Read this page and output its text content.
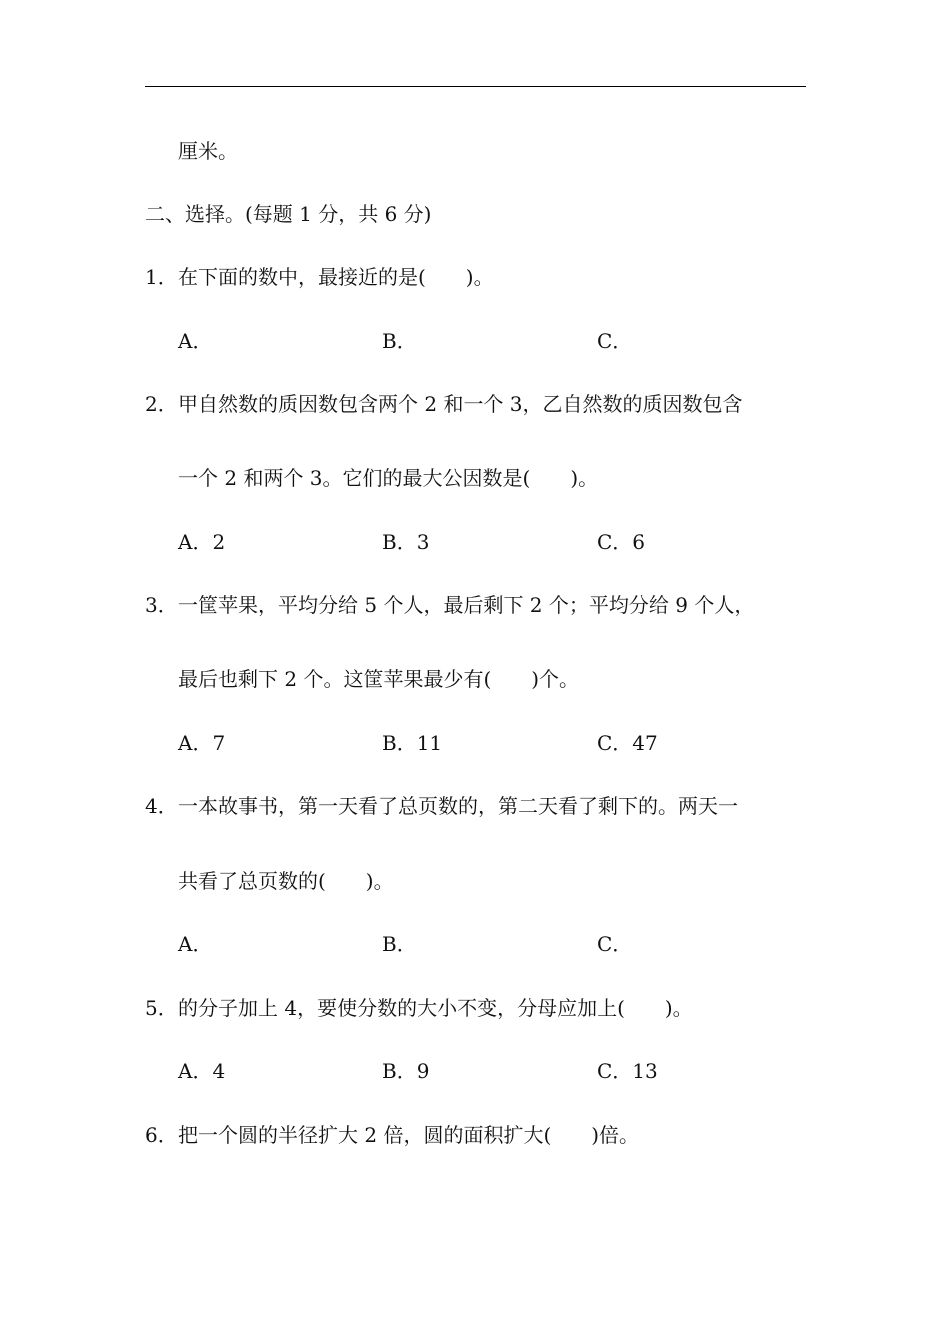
厘米。
二、选择。(每题 1 分，共 6 分)
1． 在下面的数中，最接近的是(　　)。
A．	B．	C．
2． 甲自然数的质因数包含两个 2 和一个 3，乙自然数的质因数包含
一个 2 和两个 3。它们的最大公因数是(　　)。
A．2	B．3	C．6
3． 一筐苹果，平均分给 5 个人，最后剩下 2 个；平均分给 9 个人，
最后也剩下 2 个。这筐苹果最少有(　　)个。
A．7	B．11	C．47
4． 一本故事书，第一天看了总页数的，第二天看了剩下的。两天一
共看了总页数的(　　)。
A．	B．	C．
5． 的分子加上 4，要使分数的大小不变，分母应加上(　　)。
A．4	B．9	C．13
6． 把一个圆的半径扩大 2 倍，圆的面积扩大(　　)倍。
